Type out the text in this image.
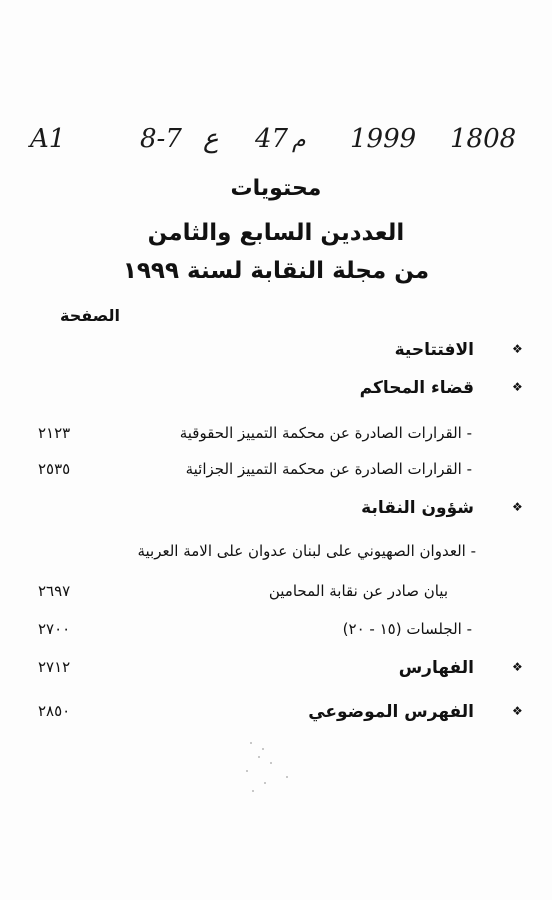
A1	8-7 ع 47 م 1999 1808
محتويات
العددين السابع والثامن
من مجلة النقابة لسنة ١٩٩٩
الصفحة
❖
الافتتاحية
❖
قضاء المحاكم
- القرارات الصادرة عن محكمة التمييز الحقوقية
٢١٢٣
- القرارات الصادرة عن محكمة التمييز الجزائية
٢٥٣٥
❖
شؤون النقابة
- العدوان الصهيوني على لبنان عدوان على الامة العربية
بيان صادر عن نقابة المحامين
٢٦٩٧
- الجلسات (١٥ - ٢٠)
٢٧٠٠
❖
الفهارس
٢٧١٢
❖
الفهرس الموضوعي
٢٨٥٠
